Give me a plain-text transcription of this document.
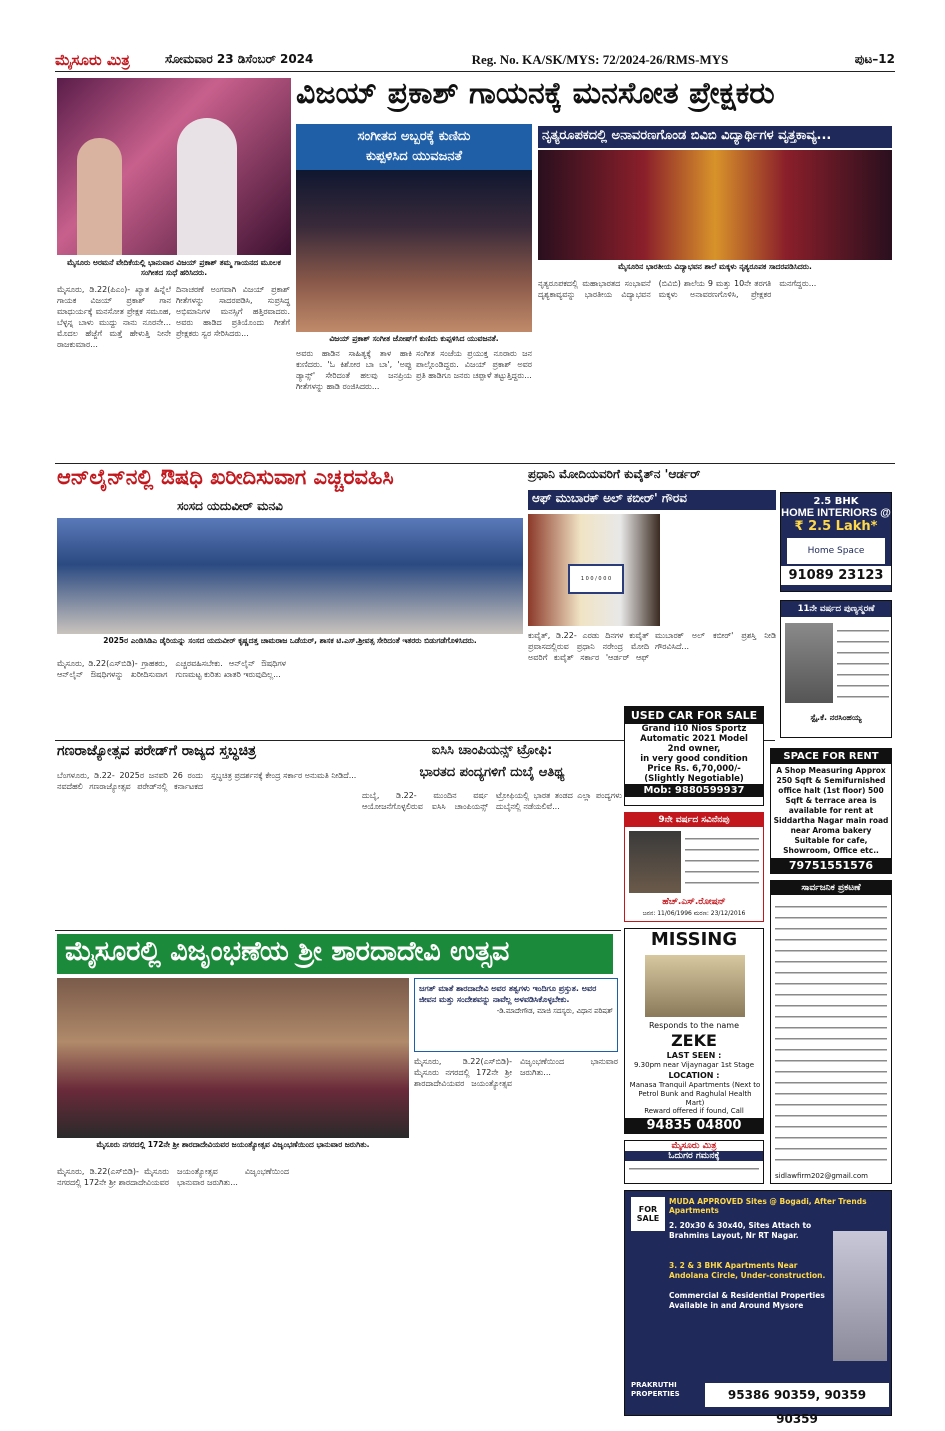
ಮೈಸೂರು ಮಿತ್ರ	ಸೋಮವಾರ 23 ಡಿಸೆಂಬರ್ 2024	Reg. No. KA/SK/MYS: 72/2024-26/RMS-MYS	ಪುಟ–12
ಮೈಸೂರು ಅರಮನೆ ವೇದಿಕೆಯಲ್ಲಿ ಭಾನುವಾರ ವಿಜಯ್ ಪ್ರಕಾಶ್ ತಮ್ಮ ಗಾಯನದ ಮೂಲಕ ಸಂಗೀತದ ಸುಧೆ ಹರಿಸಿದರು.
ವಿಜಯ್ ಪ್ರಕಾಶ್ ಗಾಯನಕ್ಕೆ ಮನಸೋತ ಪ್ರೇಕ್ಷಕರು
ಸಂಗೀತದ ಅಬ್ಬರಕ್ಕೆ ಕುಣಿದು
ಕುಪ್ಪಳಿಸಿದ ಯುವಜನತೆ
ವಿಜಯ್ ಪ್ರಕಾಶ್ ಸಂಗೀತ ಜೋಷ್‌ಗೆ ಕುಣಿದು ಕುಪ್ಪಳಿಸಿದ ಯುವಜನತೆ.
ಮೈಸೂರು, ಡಿ.22(ಪಿಎಂ)- ಖ್ಯಾತ ಹಿನ್ನೆಲೆ ಗಾಯಕ ವಿಜಯ್ ಪ್ರಕಾಶ್ ಗಾನ ಮಾಧುರ್ಯಕ್ಕೆ ಮನಸೋತ ಪ್ರೇಕ್ಷಕ ಸಮೂಹ, ಬೆಳ್ಳನ್ನ ಬಾಳು ಮುದ್ದು ನಾನು ನೂರನೇ... ಮೊದಲ ಹೆಜ್ಜೆಗೆ ಮತ್ತೆ ಹೇಳುತ್ತಿ ನೀನೇ ರಾಜಕುಮಾರ...
ದಿನಾಚರಣೆ ಅಂಗವಾಗಿ ವಿಜಯ್ ಪ್ರಕಾಶ್ ಗೀತೆಗಳನ್ನು ಸಾದರಪಡಿಸಿ, ಸುಪ್ರಸಿದ್ಧ ಅಭಿಮಾನಿಗಳ ಮನಸ್ಸಿಗೆ ಹತ್ತಿರವಾದರು. ಅವರು ಹಾಡಿದ ಪ್ರತಿಯೊಂದು ಗೀತೆಗೆ ಪ್ರೇಕ್ಷಕರು ಸ್ವರ ಸೇರಿಸಿದರು...
ಅವರು ಹಾಡಿನ ಸಾಹಿತ್ಯಕ್ಕೆ ತಾಳ ಹಾಕಿ ಕುಣಿದರು. 'ಓ ಕಿಶೋರ ಬಾ ಬಾ', 'ಅಪ್ಪು ಡ್ಯಾನ್ಸ್' ಸೇರಿದಂತೆ ಹಲವು ಜನಪ್ರಿಯ ಗೀತೆಗಳನ್ನು ಹಾಡಿ ರಂಜಿಸಿದರು...
ಸಂಗೀತ ಸಂಜೆಯ ಪ್ರಯುಕ್ತ ನೂರಾರು ಜನ ಪಾಲ್ಗೊಂಡಿದ್ದರು. ವಿಜಯ್ ಪ್ರಕಾಶ್ ಅವರ ಪ್ರತಿ ಹಾಡಿಗೂ ಜನರು ಚಪ್ಪಾಳೆ ತಟ್ಟುತ್ತಿದ್ದರು...
ನೃತ್ಯರೂಪಕದಲ್ಲಿ ಅನಾವರಣಗೊಂಡ ಬಿವಿಬಿ ವಿದ್ಯಾರ್ಥಿಗಳ ವೃತ್ತಕಾವ್ಯ...
ಮೈಸೂರಿನ ಭಾರತೀಯ ವಿದ್ಯಾಭವನ ಶಾಲೆ ಮಕ್ಕಳು ನೃತ್ಯರೂಪಕ ಸಾದರಪಡಿಸಿದರು.
ನೃತ್ಯರೂಪಕದಲ್ಲಿ ಮಹಾಭಾರತದ ಸಂಭಾವನೆ ದೃಶ್ಯಕಾವ್ಯವನ್ನು ಭಾರತೀಯ ವಿದ್ಯಾಭವನ (ಬಿವಿಬಿ) ಶಾಲೆಯ 9 ಮತ್ತು 10ನೇ ತರಗತಿ ಮಕ್ಕಳು ಅನಾವರಣಗೊಳಿಸಿ, ಪ್ರೇಕ್ಷಕರ ಮನಗೆದ್ದರು...
ಆನ್‌ಲೈನ್‌ನಲ್ಲಿ ಔಷಧಿ ಖರೀದಿಸುವಾಗ ಎಚ್ಚರವಹಿಸಿ
ಸಂಸದ ಯದುವೀರ್ ಮನವಿ
2025ರ ಎಂಡಿಸಿಡಿಎ ಡೈರಿಯನ್ನು ಸಂಸದ ಯದುವೀರ್ ಕೃಷ್ಣದತ್ತ ಚಾಮರಾಜ ಒಡೆಯರ್, ಶಾಸಕ ಟಿ.ಎಸ್.ಶ್ರೀವತ್ಸ ಸೇರಿದಂತೆ ಇತರರು ಬಿಡುಗಡೆಗೊಳಿಸಿದರು.
ಮೈಸೂರು, ಡಿ.22(ಎಸ್‌ಬಿಡಿ)- ಗ್ರಾಹಕರು, ಆನ್‌ಲೈನ್ ಔಷಧಿಗಳನ್ನು ಖರೀದಿಸುವಾಗ ಎಚ್ಚರವಹಿಸಬೇಕು. ಆನ್‌ಲೈನ್ ಔಷಧಿಗಳ ಗುಣಮಟ್ಟ ಕುರಿತು ಖಾತರಿ ಇರುವುದಿಲ್ಲ...
ಪ್ರಧಾನಿ ಮೋದಿಯವರಿಗೆ ಕುವೈತ್‌ನ 'ಆರ್ಡರ್
ಆಫ್ ಮುಬಾರಕ್ ಅಲ್ ಕಬೀರ್' ಗೌರವ
1 0 0 / 0 0 0
ಕುವೈತ್, ಡಿ.22- ಎರಡು ದಿನಗಳ ಕುವೈತ್ ಪ್ರವಾಸದಲ್ಲಿರುವ ಪ್ರಧಾನಿ ನರೇಂದ್ರ ಮೋದಿ ಅವರಿಗೆ ಕುವೈತ್ ಸರ್ಕಾರ 'ಆರ್ಡರ್ ಆಫ್ ಮುಬಾರಕ್ ಅಲ್ ಕಬೀರ್' ಪ್ರಶಸ್ತಿ ನೀಡಿ ಗೌರವಿಸಿದೆ...
2.5 BHK
HOME INTERIORS @
₹ 2.5 Lakh*
Home Space
91089 23123
11ನೇ ವರ್ಷದ ಪುಣ್ಯಸ್ಮರಣೆ
ಸ್ಪೈ.ಕೆ. ನರಸಿಂಹಯ್ಯ
ಗಣರಾಜ್ಯೋತ್ಸವ ಪರೇಡ್‌ಗೆ ರಾಜ್ಯದ ಸ್ತಬ್ಧಚಿತ್ರ
ಬೆಂಗಳೂರು, ಡಿ.22- 2025ರ ಜನವರಿ 26 ರಂದು ನವದೆಹಲಿ ಗಣರಾಜ್ಯೋತ್ಸವ ಪರೇಡ್‌ನಲ್ಲಿ ಕರ್ನಾಟಕದ ಸ್ತಬ್ಧಚಿತ್ರ ಪ್ರದರ್ಶನಕ್ಕೆ ಕೇಂದ್ರ ಸರ್ಕಾರ ಅನುಮತಿ ನೀಡಿದೆ...
ಐಸಿಸಿ ಚಾಂಪಿಯನ್ಸ್ ಟ್ರೋಫಿ:
ಭಾರತದ ಪಂದ್ಯಗಳಿಗೆ ದುಬೈ ಆತಿಥ್ಯ
ದುಬೈ, ಡಿ.22- ಮುಂದಿನ ವರ್ಷ ಆಯೋಜನೆಗೊಳ್ಳಲಿರುವ ಐಸಿಸಿ ಚಾಂಪಿಯನ್ಸ್ ಟ್ರೋಫಿಯಲ್ಲಿ ಭಾರತ ತಂಡದ ಎಲ್ಲಾ ಪಂದ್ಯಗಳು ದುಬೈನಲ್ಲಿ ನಡೆಯಲಿವೆ...
USED CAR FOR SALE
Grand i10 Nios Sportz
Automatic 2021 Model
2nd owner,
in very good condition
Price Rs. 6,70,000/-
(Slightly Negotiable)
Mob: 9880599937
SPACE FOR RENT
A Shop Measuring Approx 250 Sqft & Semifurnished office halt (1st floor) 500 Sqft & terrace area is available for rent at Siddartha Nagar main road near Aroma bakery Suitable for cafe, Showroom, Office etc..
79751551576
9ನೇ ವರ್ಷದ ಸವಿನೆನಪು
ಹೆಚ್.ಎಸ್.ರೋಷನ್
ಜನನ: 11/06/1996 ಮರಣ: 23/12/2016
ಸಾರ್ವಜನಿಕ ಪ್ರಕಟಣೆ
sidlawfirm202@gmail.com
ಮೈಸೂರಲ್ಲಿ ವಿಜೃಂಭಣೆಯ ಶ್ರೀ ಶಾರದಾದೇವಿ ಉತ್ಸವ
ಮೈಸೂರು ನಗರದಲ್ಲಿ 172ನೇ ಶ್ರೀ ಶಾರದಾದೇವಿಯವರ ಜಯಂತ್ಯೋತ್ಸವ ವಿಜೃಂಭಣೆಯಿಂದ ಭಾನುವಾರ ಜರುಗಿತು.
ಜಗತ್ ಮಾತೆ ಶಾರದಾದೇವಿ ಅವರ ತತ್ವಗಳು ಇಂದಿಗೂ ಪ್ರಸ್ತುತ. ಅವರ ಜೀವನ ಮತ್ತು ಸಂದೇಶವನ್ನು ನಾವೆಲ್ಲ ಅಳವಡಿಸಿಕೊಳ್ಳಬೇಕು.
-ಡಿ.ಮಾದೇಗೌಡ, ಮಾಜಿ ಸದಸ್ಯರು, ವಿಧಾನ ಪರಿಷತ್
ಮೈಸೂರು, ಡಿ.22(ಎಸ್‌ಬಿಡಿ)- ಮೈಸೂರು ನಗರದಲ್ಲಿ 172ನೇ ಶ್ರೀ ಶಾರದಾದೇವಿಯವರ ಜಯಂತ್ಯೋತ್ಸವ ವಿಜೃಂಭಣೆಯಿಂದ ಭಾನುವಾರ ಜರುಗಿತು...
ಮೈಸೂರು, ಡಿ.22(ಎಸ್‌ಬಿಡಿ)- ಮೈಸೂರು ನಗರದಲ್ಲಿ 172ನೇ ಶ್ರೀ ಶಾರದಾದೇವಿಯವರ ಜಯಂತ್ಯೋತ್ಸವ ವಿಜೃಂಭಣೆಯಿಂದ ಭಾನುವಾರ ಜರುಗಿತು...
MISSING
Responds to the name
ZEKE
LAST SEEN :
9.30pm near Vijaynagar 1st Stage
LOCATION :
Manasa Tranquil Apartments (Next to Petrol Bunk and Raghulal Health Mart)
Reward offered if found, Call
94835 04800
ಮೈಸೂರು ಮಿತ್ರ
ಓದುಗರ ಗಮನಕ್ಕೆ
FOR SALE
MUDA APPROVED Sites @ Bogadi, After Trends Apartments
2. 20x30 & 30x40, Sites Attach to Brahmins Layout, Nr RT Nagar.
3. 2 & 3 BHK Apartments Near Andolana Circle, Under-construction.
Commercial & Residential Properties Available in and Around Mysore
PRAKRUTHI PROPERTIES	95386 90359, 90359 90359
